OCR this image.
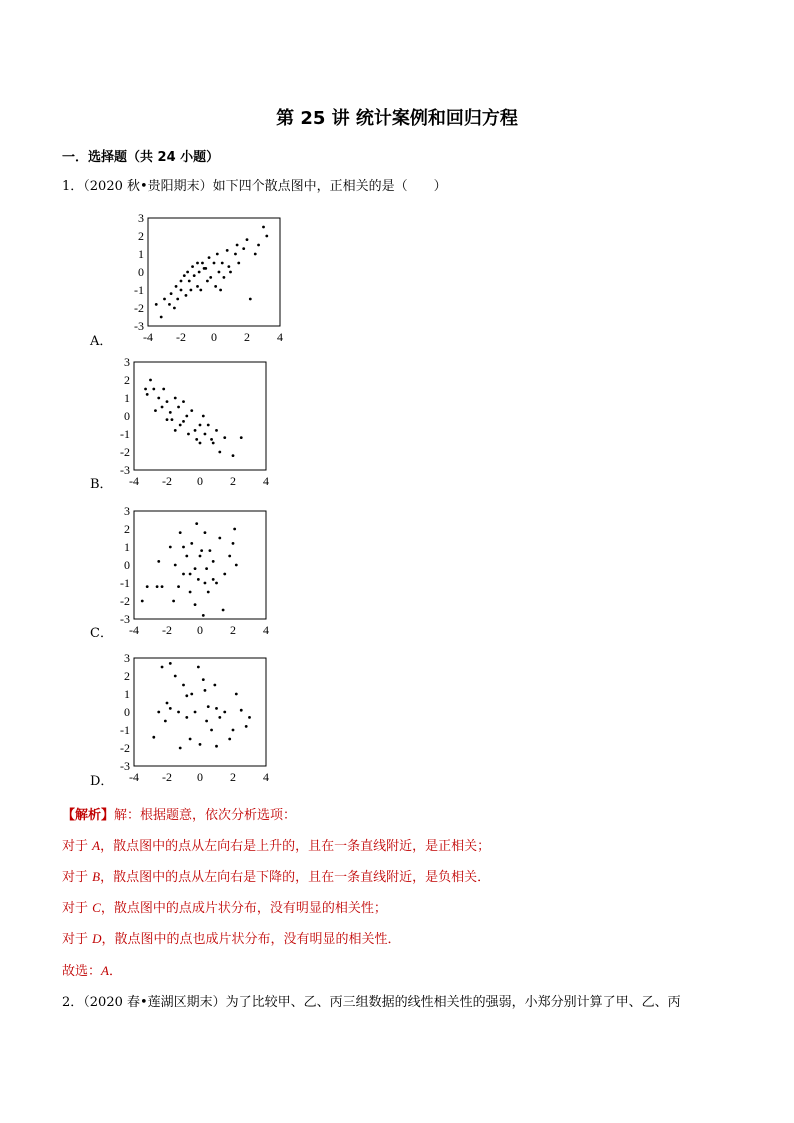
第 25 讲 统计案例和回归方程
一．选择题（共 24 小题）
1．（2020 秋•贵阳期末）如下四个散点图中，正相关的是（　　）
3
2
1
0
-1
-2
-3
-4 -2 0 2 4
A．
3
2
1
0
-1
-2
-3
-4 -2 0 2 4
B．
3
2
1
0
-1
-2
-3
-4 -2 0 2 4
C．
3
2
1
0
-1
-2
-3
-4 -2 0 2 4
D．
【解析】解：根据题意，依次分析选项：
对于 A，散点图中的点从左向右是上升的，且在一条直线附近，是正相关；
对于 B，散点图中的点从左向右是下降的，且在一条直线附近，是负相关．
对于 C，散点图中的点成片状分布，没有明显的相关性；
对于 D，散点图中的点也成片状分布，没有明显的相关性．
故选：A．
2．（2020 春•莲湖区期末）为了比较甲、乙、丙三组数据的线性相关性的强弱，小郑分别计算了甲、乙、丙
